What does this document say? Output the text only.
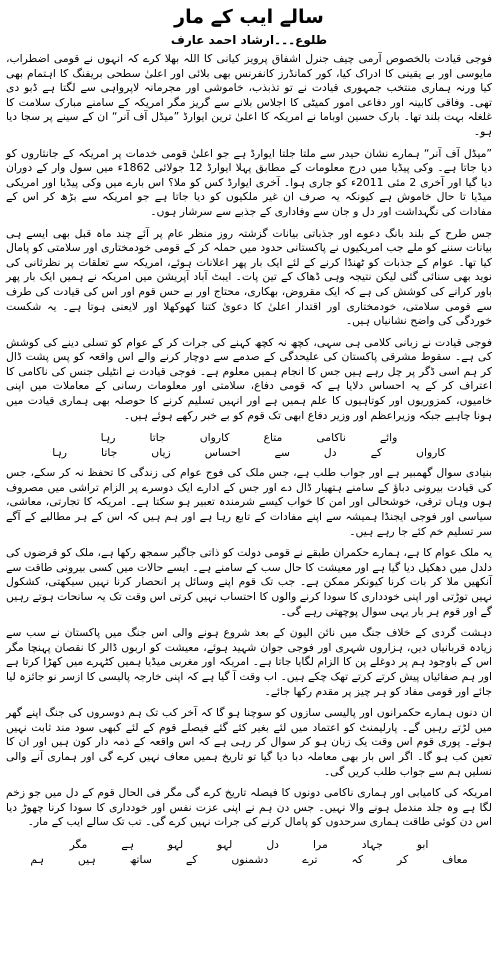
سالے ایب کے مار
طلوع۔۔۔ارشاد احمد عارف

فوجی قیادت بالخصوص آرمی چیف جنرل اشفاق پرویز کیانی کا اللہ بھلا کرے کہ انہوں نے قومی اضطراب، مایوسی اور بے یقینی کا ادراک کیا، کور کمانڈرز کانفرنس بھی بلائی اور اعلیٰ سطحی بریفنگ کا اہتمام بھی کیا ورنہ ہماری منتخب جمہوری قیادت نے تو تذبذب، خاموشی اور مجرمانہ لاپرواہی سے لگتا ہے ڈبو دی تھی۔ وفاقی کابینہ اور دفاعی امور کمیٹی کا اجلاس بلانے سے گریز مگر امریکہ کے سامنے مبارک سلامت کا غلغلہ بہت بلند تھا۔ بارک حسین اوباما نے امریکہ کا اعلیٰ ترین ایوارڈ ”میڈل آف آنر“ ان کے سینے پر سجا دیا ہو۔

”میڈل آف آنر“ ہمارے نشان حیدر سے ملتا جلتا ایوارڈ ہے جو اعلیٰ قومی خدمات پر امریکہ کے جانثاروں کو دیا جاتا ہے۔ وکی پیڈیا میں درج معلومات کے مطابق پہلا ایوارڈ 12 جولائی 1862ء میں سول وار کے دوران دیا گیا اور آخری 2 مئی 2011ء کو جاری ہوا۔ آخری ایوارڈ کس کو ملا؟ اس بارے میں وکی پیڈیا اور امریکی میڈیا تا حال خاموش ہے کیونکہ یہ صرف ان غیر ملکیوں کو دیا جاتا ہے جو امریکہ سے بڑھ کر اس کے مفادات کی نگہداشت اور دل و جان سے وفاداری کے جذبے سے سرشار ہوں۔

جس طرح کے بلند بانگ دعوے اور جذباتی بیانات گزشتہ روز منظر عام پر آئے چند ماہ قبل بھی ایسے ہی بیانات سننے کو ملے جب امریکیوں نے پاکستانی حدود میں حملہ کر کے قومی خودمختاری اور سلامتی کو پامال کیا تھا۔ عوام کے جذبات کو ٹھنڈا کرنے کے لئے ایک بار پھر اعلانات ہوئے، امریکہ سے تعلقات پر نظرثانی کی نوید بھی سنائی گئی لیکن نتیجہ وہی ڈھاک کے تین پات۔ ایبٹ آباد آپریشن میں امریکہ نے ہمیں ایک بار پھر باور کرانے کی کوشش کی ہے کہ ایک مقروض، بھکاری، محتاج اور بے حس قوم اور اس کی قیادت کی طرف سے قومی سلامتی، خودمختاری اور اقتدار اعلیٰ کا دعویٰ کتنا کھوکھلا اور لایعنی ہوتا ہے۔ یہ شکست خوردگی کی واضح نشانیاں ہیں۔

فوجی قیادت نے زبانی کلامی ہی سہی، کچھ نہ کچھ کہنے کی جرات کر کے عوام کو تسلی دینے کی کوشش کی ہے۔ سقوط مشرقی پاکستان کی علیحدگی کے صدمے سے دوچار کرنے والے اس واقعہ کو پس پشت ڈال کر ہم اسی ڈگر پر چل رہے ہیں جس کا انجام ہمیں معلوم ہے۔ فوجی قیادت نے انٹیلی جنس کی ناکامی کا اعتراف کر کے یہ احساس دلایا ہے کہ قومی دفاع، سلامتی اور معلومات رسانی کے معاملات میں اپنی خامیوں، کمزوریوں اور کوتاہیوں کا علم ہمیں ہے اور انہیں تسلیم کرنے کا حوصلہ بھی ہماری قیادت میں ہونا چاہیے جبکہ وزیراعظم اور وزیر دفاع ابھی تک قوم کو بے خبر رکھے ہوئے ہیں۔

وائے
ناکامی
متاع
کارواں
جاتا
رہا
کارواں
کے
دل
سے
احساس
زیاں
جاتا
رہا

بنیادی سوال گھمبیر ہے اور جواب طلب ہے، جس ملک کی فوج عوام کی زندگی کا تحفظ نہ کر سکے، جس کی قیادت بیرونی دباؤ کے سامنے ہتھیار ڈال دے اور جس کے ادارے ایک دوسرے پر الزام تراشی میں مصروف ہوں وہاں ترقی، خوشحالی اور امن کا خواب کیسے شرمندہ تعبیر ہو سکتا ہے۔ امریکہ کا تجارتی، معاشی، سیاسی اور فوجی ایجنڈا ہمیشہ سے اپنے مفادات کے تابع رہا ہے اور ہم ہیں کہ اس کے ہر مطالبے کے آگے سر تسلیم خم کئے جا رہے ہیں۔

یہ ملک عوام کا ہے، ہمارے حکمران طبقے نے قومی دولت کو ذاتی جاگیر سمجھ رکھا ہے، ملک کو قرضوں کی دلدل میں دھکیل دیا گیا ہے اور معیشت کا حال سب کے سامنے ہے۔ ایسے حالات میں کسی بیرونی طاقت سے آنکھیں ملا کر بات کرنا کیونکر ممکن ہے۔ جب تک قوم اپنے وسائل پر انحصار کرنا نہیں سیکھتی، کشکول نہیں توڑتی اور اپنی خودداری کا سودا کرنے والوں کا احتساب نہیں کرتی اس وقت تک یہ سانحات ہوتے رہیں گے اور قوم ہر بار یہی سوال پوچھتی رہے گی۔

دہشت گردی کے خلاف جنگ میں نائن الیون کے بعد شروع ہونے والی اس جنگ میں پاکستان نے سب سے زیادہ قربانیاں دیں، ہزاروں شہری اور فوجی جوان شہید ہوئے، معیشت کو اربوں ڈالر کا نقصان پہنچا مگر اس کے باوجود ہم پر دوغلے پن کا الزام لگایا جاتا ہے۔ امریکہ اور مغربی میڈیا ہمیں کٹہرے میں کھڑا کرتا ہے اور ہم صفائیاں پیش کرتے کرتے تھک چکے ہیں۔ اب وقت آ گیا ہے کہ اپنی خارجہ پالیسی کا ازسر نو جائزہ لیا جائے اور قومی مفاد کو ہر چیز پر مقدم رکھا جائے۔

ان دنوں ہمارے حکمرانوں اور پالیسی سازوں کو سوچنا ہو گا کہ آخر کب تک ہم دوسروں کی جنگ اپنے گھر میں لڑتے رہیں گے۔ پارلیمنٹ کو اعتماد میں لئے بغیر کئے گئے فیصلے قوم کے لئے کبھی سود مند ثابت نہیں ہوئے۔ پوری قوم اس وقت یک زبان ہو کر سوال کر رہی ہے کہ اس واقعہ کے ذمہ دار کون ہیں اور ان کا تعین کب ہو گا۔ اگر اس بار بھی معاملہ دبا دیا گیا تو تاریخ ہمیں معاف نہیں کرے گی اور ہماری آنے والی نسلیں ہم سے جواب طلب کریں گی۔

امریکہ کی کامیابی اور ہماری ناکامی دونوں کا فیصلہ تاریخ کرے گی مگر فی الحال قوم کے دل میں جو زخم لگا ہے وہ جلد مندمل ہونے والا نہیں۔ جس دن ہم نے اپنی عزت نفس اور خودداری کا سودا کرنا چھوڑ دیا اس دن کوئی طاقت ہماری سرحدوں کو پامال کرنے کی جرات نہیں کرے گی۔ تب تک سالے ایب کے مار۔

ابو
جہاد
مرا
دل
لہو
لہو
ہے
مگر
معاف
کر
کہ
ترے
دشمنوں
کے
ساتھ
ہیں
ہم
